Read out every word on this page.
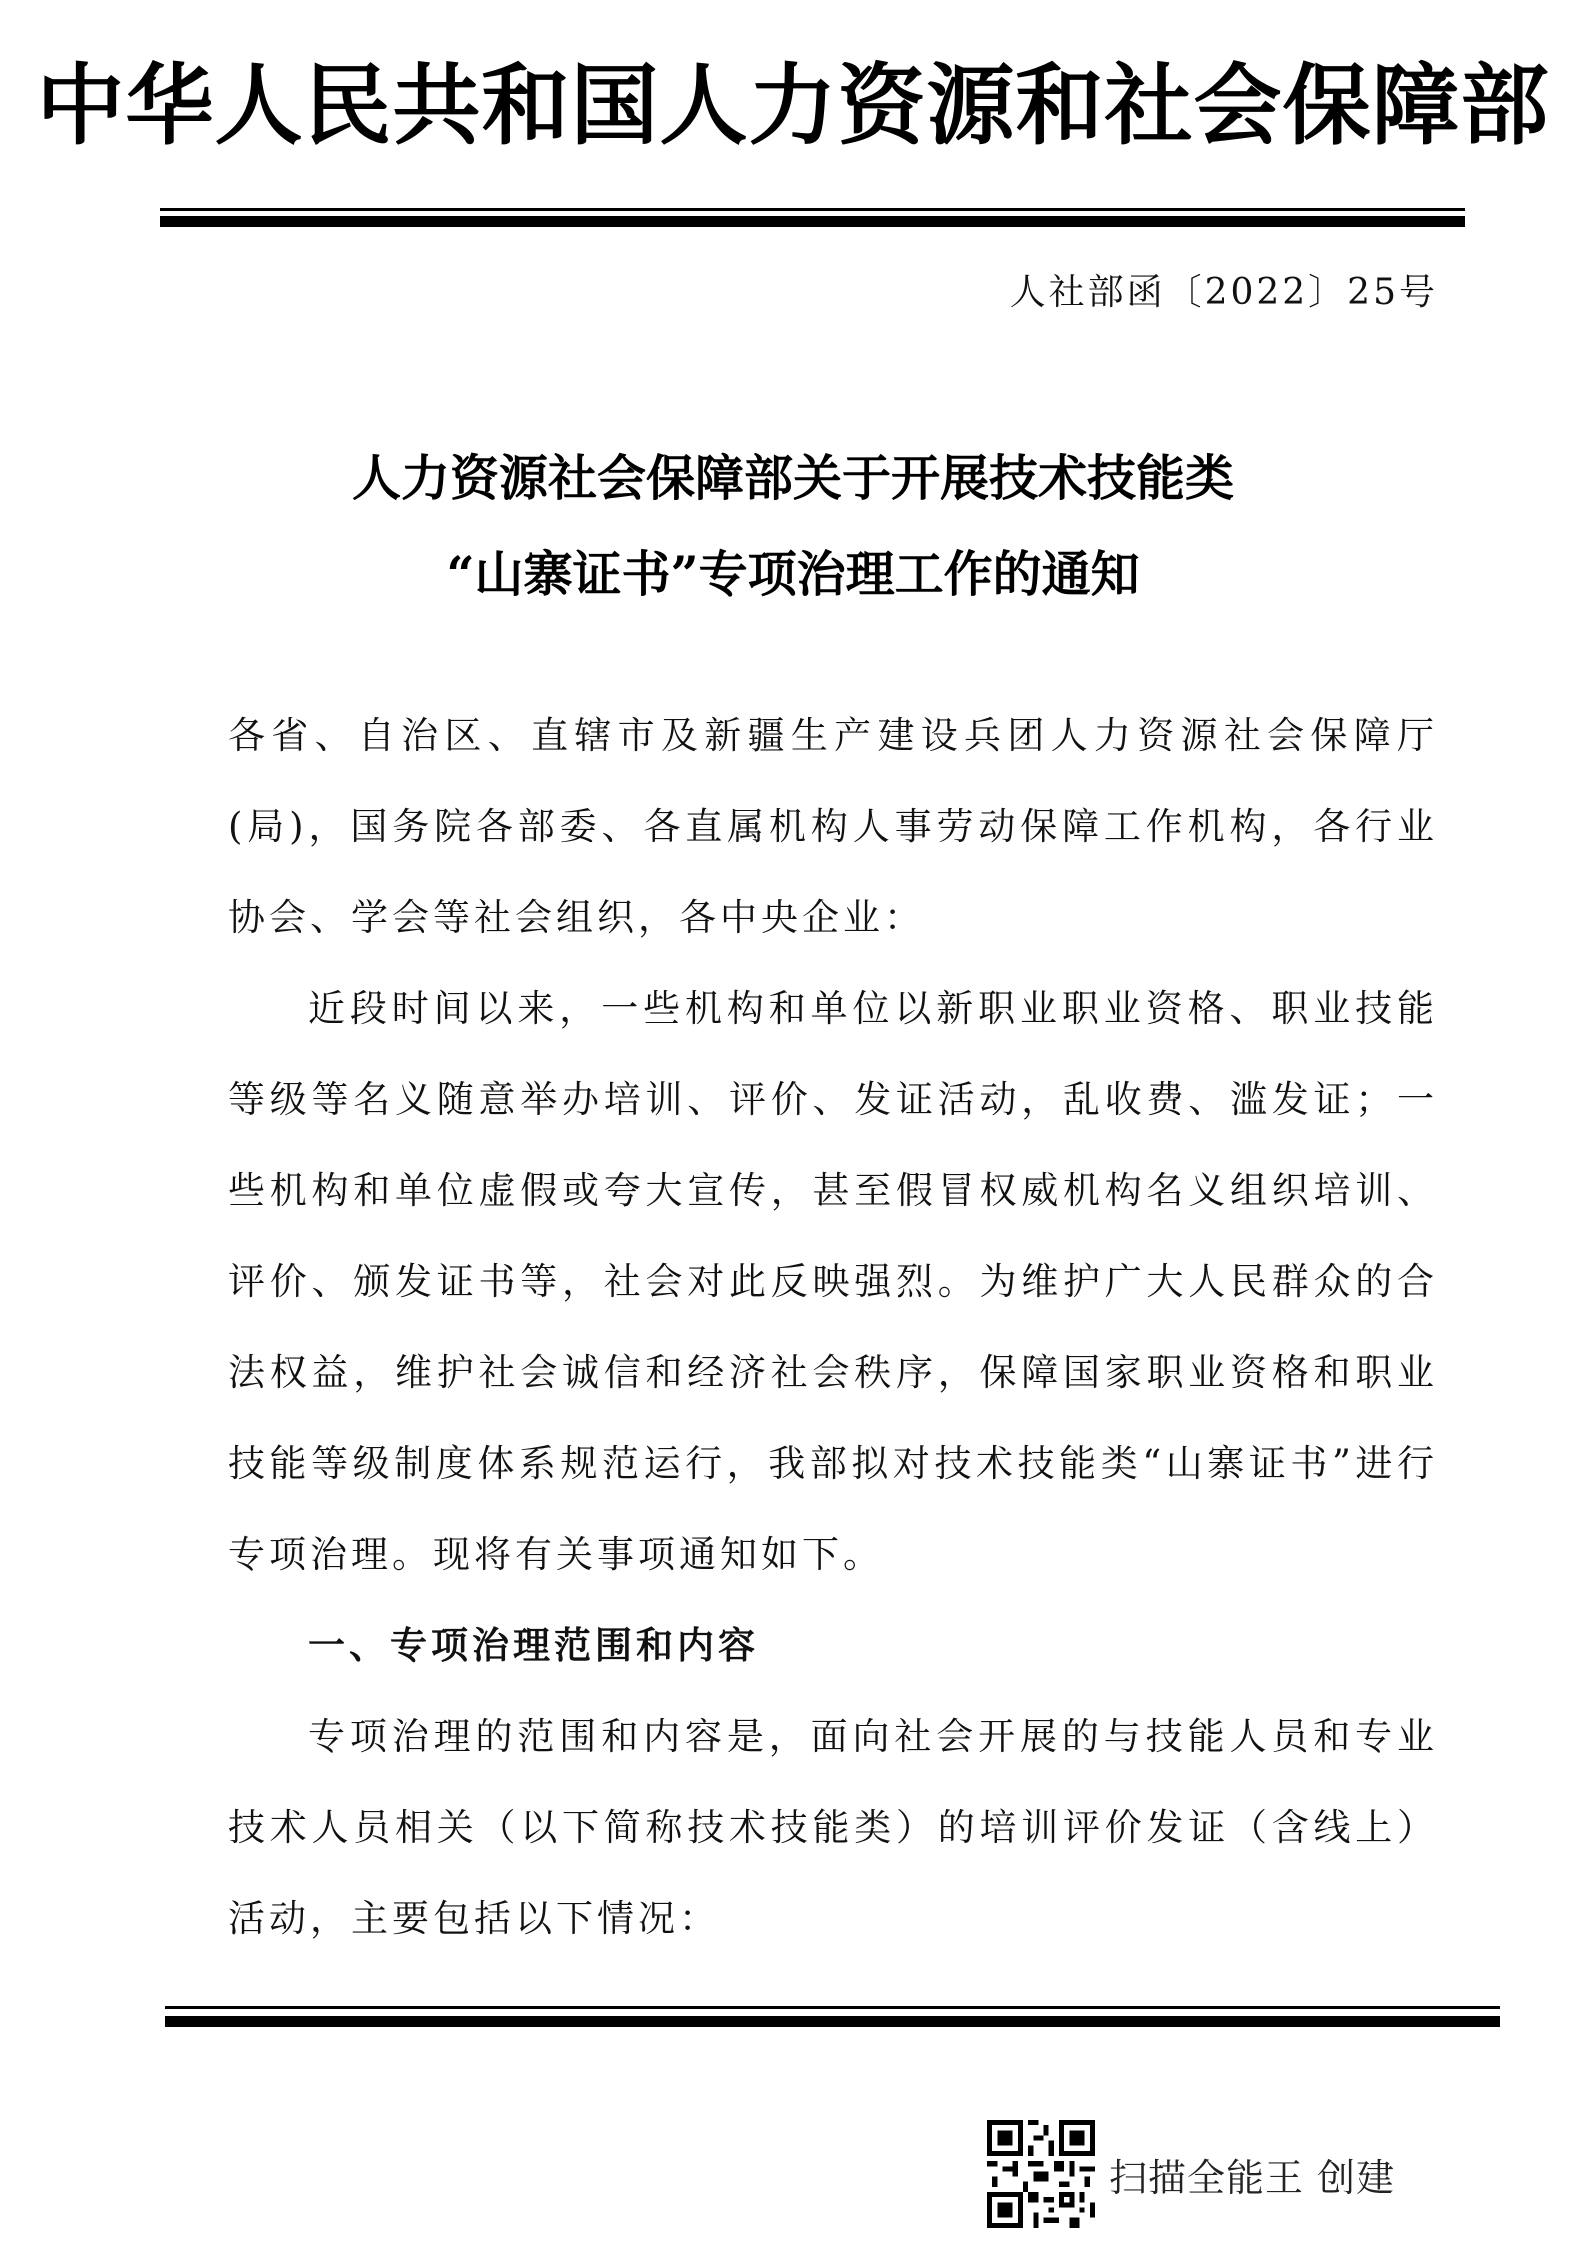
中华人民共和国人力资源和社会保障部
人社部函〔2022〕25号
人力资源社会保障部关于开展技术技能类
“山寨证书”专项治理工作的通知

各省、自治区、直辖市及新疆生产建设兵团人力资源社会保障厅(局)，国务院各部委、各直属机构人事劳动保障工作机构，各行业协会、学会等社会组织，各中央企业：

近段时间以来，一些机构和单位以新职业职业资格、职业技能等级等名义随意举办培训、评价、发证活动，乱收费、滥发证；一些机构和单位虚假或夸大宣传，甚至假冒权威机构名义组织培训、评价、颁发证书等，社会对此反映强烈。为维护广大人民群众的合法权益，维护社会诚信和经济社会秩序，保障国家职业资格和职业技能等级制度体系规范运行，我部拟对技术技能类“山寨证书”进行专项治理。现将有关事项通知如下。

一、专项治理范围和内容

专项治理的范围和内容是，面向社会开展的与技能人员和专业技术人员相关（以下简称技术技能类）的培训评价发证（含线上）活动，主要包括以下情况：

扫描全能王 创建
